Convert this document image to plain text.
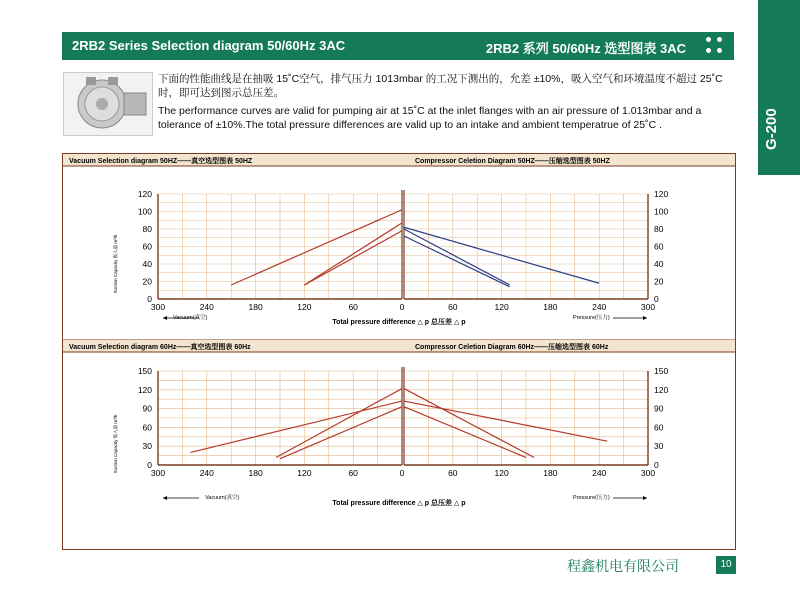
2RB2 Series Selection diagram 50/60Hz 3AC	2RB2 系列 50/60Hz 选型图表 3AC
G-200

下面的性能曲线是在抽吸 15˚C空气，排气压力 1013mbar 的工况下测出的，允差 ±10%，吸入空气和环境温度不超过 25˚C时，即可达到图示总压差。

The performance curves are valid for pumping air at 15˚C at the inlet flanges with an air pressure of 1.013mbar and a tolerance of ±10%.The total pressure differences are valid up to an intake and ambient temperatrue of 25˚C .

Vacuum Selection diagram 50HZ——真空选型图表 50HZ	Compressor Celetion Diagram 50HZ——压缩选型图表 50HZ
Vacuum Selection diagram 60Hz——真空选型图表 60Hz	Compressor Celetion Diagram 60Hz——压缩选型图表 60Hz
0	0
20	20
40	40
60	60
80	80
100	100
120	120
300	240	180	120	60	0	60	120	180	240	300
0	0
30	30
60	60
90	90
120	120
150	150
300	240	180	120	60	0	60	120	180	240	300
Suction Capacity 吸入量 m³/h
Vacuum(真空)	Pressure(压力)
Total pressure difference △ p 总压差 △ p
Suction Capacity 吸入量 m³/h
Vacuum(真空)	Pressure(压力)
Total pressure difference △ p 总压差 △ p
程鑫机电有限公司	10
